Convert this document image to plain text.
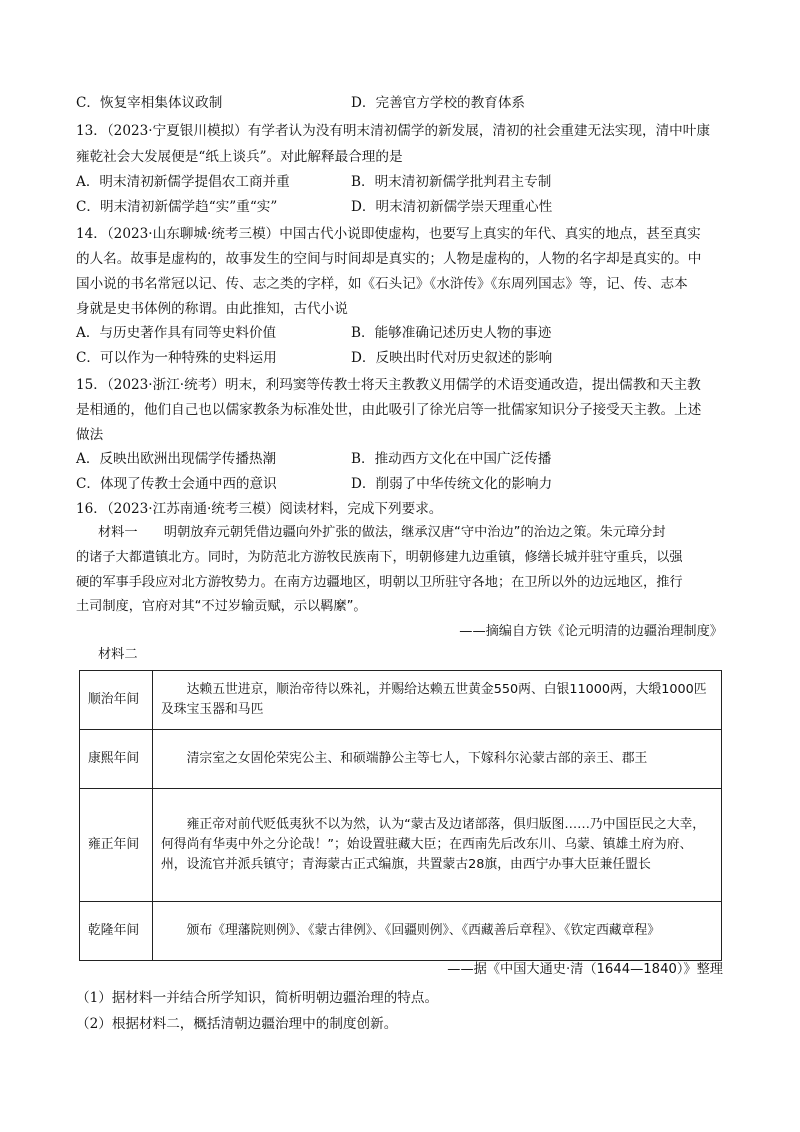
C．恢复宰相集体议政制	D．完善官方学校的教育体系
13．（2023·宁夏银川模拟）有学者认为没有明末清初儒学的新发展，清初的社会重建无法实现，清中叶康
雍乾社会大发展便是“纸上谈兵”。对此解释最合理的是
A．明末清初新儒学提倡农工商并重	B．明末清初新儒学批判君主专制
C．明末清初新儒学趋“实”重“实”	D．明末清初新儒学崇天理重心性
14．（2023·山东聊城·统考三模）中国古代小说即使虚构，也要写上真实的年代、真实的地点，甚至真实
的人名。故事是虚构的，故事发生的空间与时间却是真实的；人物是虚构的，人物的名字却是真实的。中
国小说的书名常冠以记、传、志之类的字样，如《石头记》《水浒传》《东周列国志》等，记、传、志本
身就是史书体例的称谓。由此推知，古代小说
A．与历史著作具有同等史料价值	B．能够准确记述历史人物的事迹
C．可以作为一种特殊的史料运用	D．反映出时代对历史叙述的影响
15．（2023·浙江·统考）明末，利玛窦等传教士将天主教教义用儒学的术语变通改造，提出儒教和天主教
是相通的，他们自己也以儒家教条为标准处世，由此吸引了徐光启等一批儒家知识分子接受天主教。上述
做法
A．反映出欧洲出现儒学传播热潮	B．推动西方文化在中国广泛传播
C．体现了传教士会通中西的意识	D．削弱了中华传统文化的影响力
16．（2023·江苏南通·统考三模）阅读材料，完成下列要求。
材料一　　明朝放弃元朝凭借边疆向外扩张的做法，继承汉唐“守中治边”的治边之策。朱元璋分封
的诸子大都遣镇北方。同时，为防范北方游牧民族南下，明朝修建九边重镇，修缮长城并驻守重兵，以强
硬的军事手段应对北方游牧势力。在南方边疆地区，明朝以卫所驻守各地；在卫所以外的边远地区，推行
土司制度，官府对其“不过岁输贡赋，示以羁縻”。
——摘编自方铁《论元明清的边疆治理制度》
材料二
顺治年间	达赖五世进京，顺治帝待以殊礼，并赐给达赖五世黄金550两、白银11000两，大缎1000匹及珠宝玉器和马匹
康熙年间	清宗室之女固伦荣宪公主、和硕端静公主等七人，下嫁科尔沁蒙古部的亲王、郡王
雍正年间	雍正帝对前代贬低夷狄不以为然，认为“蒙古及边诸部落，俱归版图……乃中国臣民之大幸，何得尚有华夷中外之分论哉！”；始设置驻藏大臣；在西南先后改东川、乌蒙、镇雄土府为府、州，设流官并派兵镇守；青海蒙古正式编旗，共置蒙古28旗，由西宁办事大臣兼任盟长
乾隆年间	颁布《理藩院则例》、《蒙古律例》、《回疆则例》、《西藏善后章程》、《钦定西藏章程》
——据《中国大通史·清（1644—1840）》整理
（1）据材料一并结合所学知识，简析明朝边疆治理的特点。
（2）根据材料二，概括清朝边疆治理中的制度创新。
